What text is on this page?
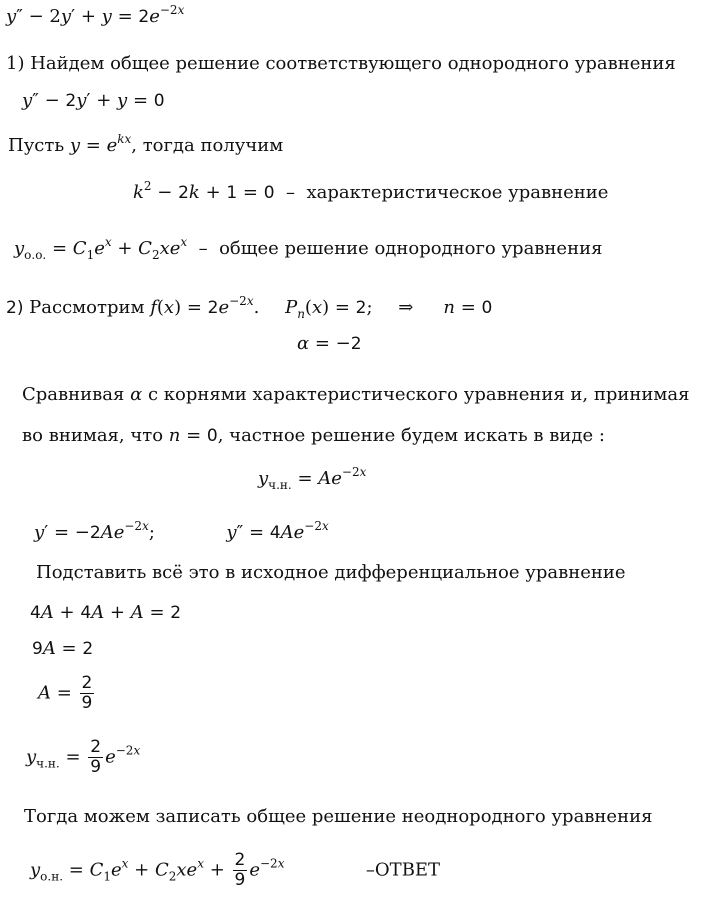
$y'' - 2y' + y = 2e^{-2x}$
1) Найдем общее решение соответствующего однородного уравнения
y″ − 2y′ + y = 0
Пусть $y = e^{kx}$, тогда получим
$k^2 - 2k + 1 = 0$  –  характеристическое уравнение
$y_{о.о.} = C_1e^x + C_2xe^x$  –  общее решение однородного уравнения
2) Рассмотрим $f(x) = 2e^{-2x}$. $P_n(x) = 2$; ⇒ n = 0
α = −2
Сравнивая α с корнями характеристического уравнения и, принимая
во внимая, что n = 0, частное решение будем искать в виде :
$y_{ч.н.} = Ae^{-2x}$
$y' = -2Ae^{-2x}$;	$y'' = 4Ae^{-2x}$
Подставить всё это в исходное дифференциальное уравнение
4A + 4A + A = 2
9A = 2
$A = \frac{2}{9}$
$y_{ч.н.} = \frac{2}{9} e^{-2x}$
Тогда можем записать общее решение неоднородного уравнения
$y_{о.н.} = C_1e^x + C_2xe^x + \frac{2}{9} e^{-2x}$	–ОТВЕТ
